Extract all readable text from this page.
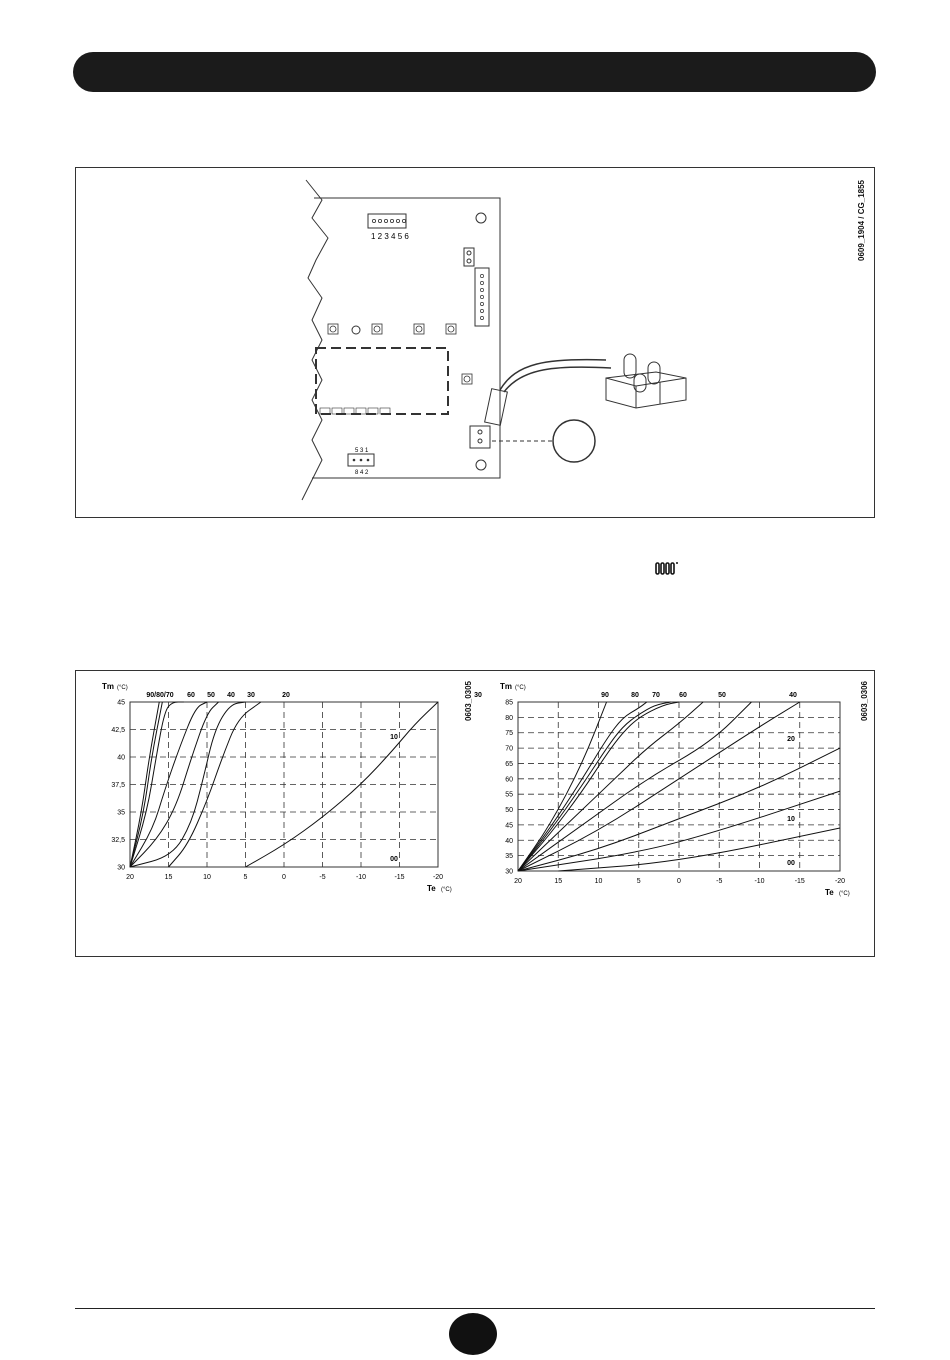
1 2 3 4 5 6
5 3 1
8 4 2
0609_1904 / CG_1855
Tm (°C)
Te (°C)
20	15	10	5	0	-5	-10	-15	-20
30
32,5
35
37,5
40
42,5
45
90/80/70 60 50 40 30	20
10
00
0603_0305	Tm (°C)
Te (°C)
20	15	10	5	0	-5	-10	-15	-20
30
35
40
45
50
55
60
65
70
75
80
85
90	80 70	60	50	40
30
20
10
00
0603_0306
